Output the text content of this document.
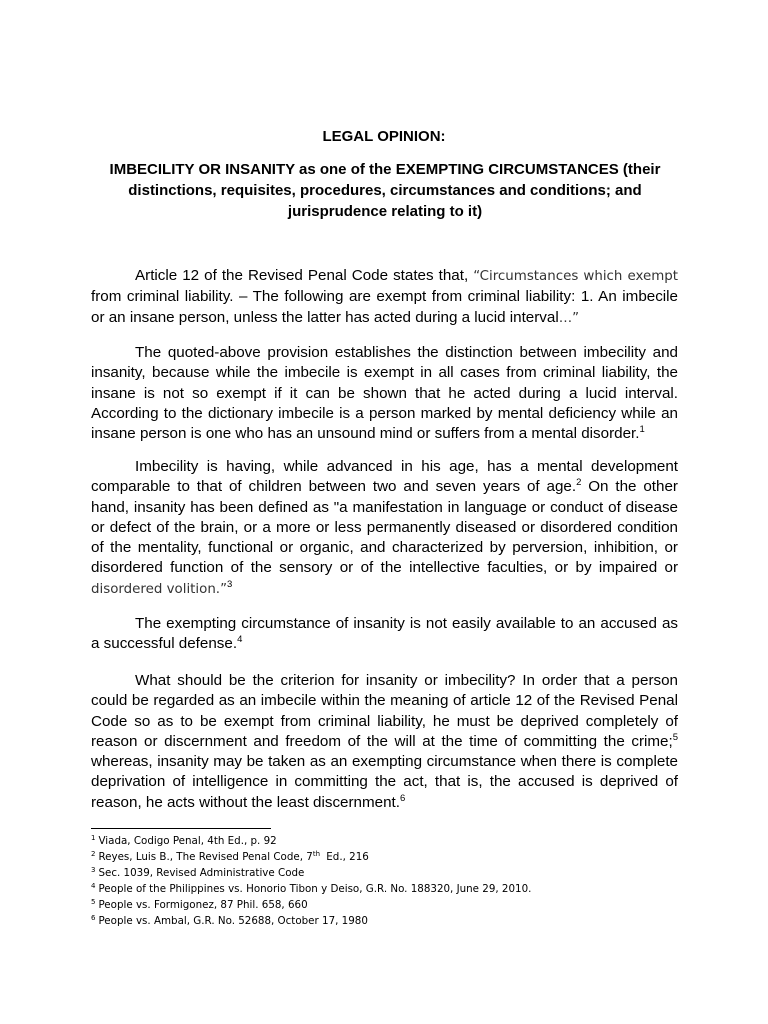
LEGAL OPINION:
IMBECILITY OR INSANITY as one of the EXEMPTING CIRCUMSTANCES (their
distinctions, requisites, procedures, circumstances and conditions; and
jurisprudence relating to it)

Article 12 of the Revised Penal Code states that, “Circumstances which exempt from criminal liability. – The following are exempt from criminal liability: 1. An imbecile or an insane person, unless the latter has acted during a lucid interval…”

The quoted-above provision establishes the distinction between imbecility and insanity, because while the imbecile is exempt in all cases from criminal liability, the insane is not so exempt if it can be shown that he acted during a lucid interval. According to the dictionary imbecile is a person marked by mental deficiency while an insane person is one who has an unsound mind or suffers from a mental disorder.$^1$

Imbecility is having, while advanced in his age, has a mental development comparable to that of children between two and seven years of age.$^2$ On the other hand, insanity has been defined as "a manifestation in language or conduct of disease or defect of the brain, or a more or less permanently diseased or disordered condition of the mentality, functional or organic, and characterized by perversion, inhibition, or disordered function of the sensory or of the intellective faculties, or by impaired or disordered volition.”$^3$

The exempting circumstance of insanity is not easily available to an accused as a successful defense.$^4$

What should be the criterion for insanity or imbecility? In order that a person could be regarded as an imbecile within the meaning of article 12 of the Revised Penal Code so as to be exempt from criminal liability, he must be deprived completely of reason or discernment and freedom of the will at the time of committing the crime;$^5$ whereas, insanity may be taken as an exempting circumstance when there is complete deprivation of intelligence in committing the act, that is, the accused is deprived of reason, he acts without the least discernment.$^6$

$^1$ Viada, Codigo Penal, 4th Ed., p. 92
$^2$ Reyes, Luis B., The Revised Penal Code, 7th Ed., 216
$^3$ Sec. 1039, Revised Administrative Code
$^4$ People of the Philippines vs. Honorio Tibon y Deiso, G.R. No. 188320, June 29, 2010.
$^5$ People vs. Formigonez, 87 Phil. 658, 660
$^6$ People vs. Ambal, G.R. No. 52688, October 17, 1980
